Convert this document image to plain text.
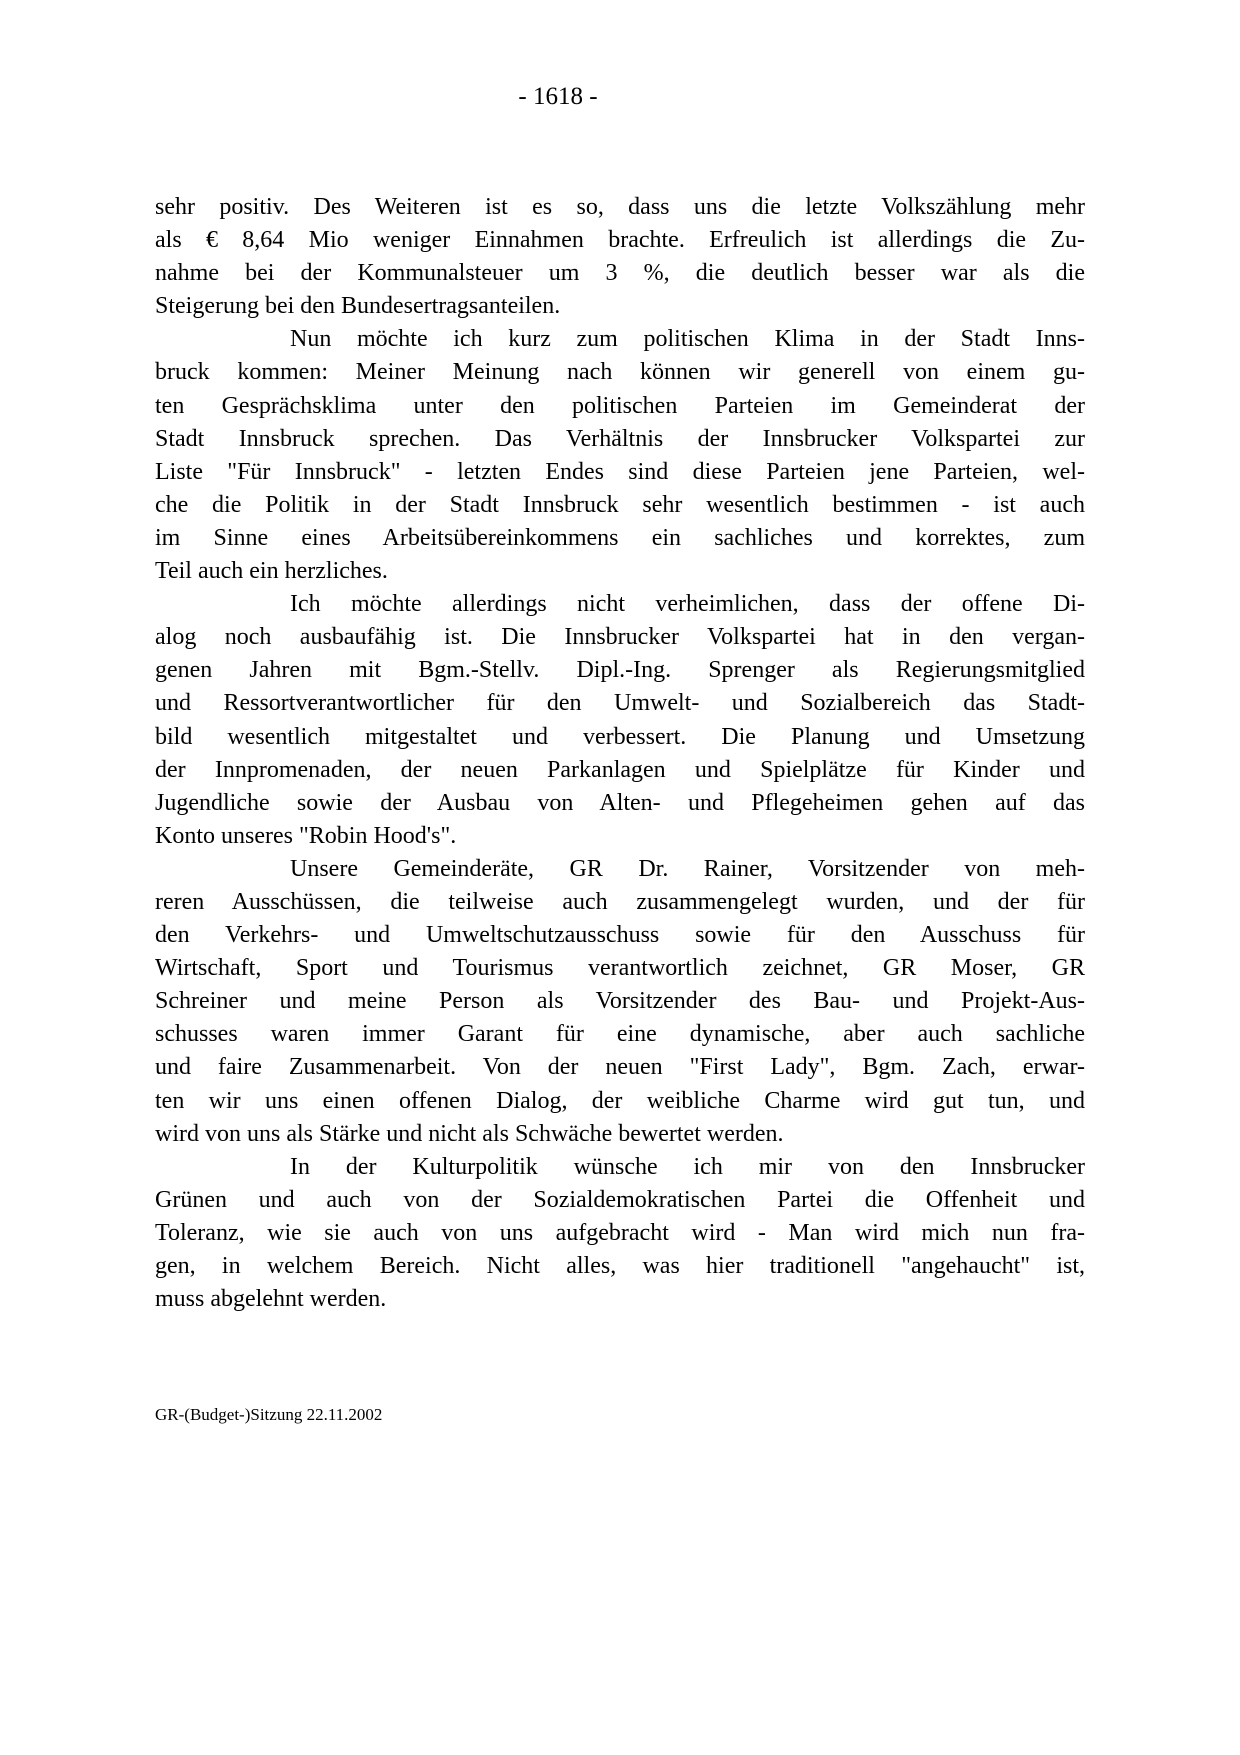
- 1618 -
sehr positiv. Des Weiteren ist es so, dass uns die letzte Volkszählung mehr
als € 8,64 Mio weniger Einnahmen brachte. Erfreulich ist allerdings die Zu-
nahme bei der Kommunalsteuer um 3 %, die deutlich besser war als die
Steigerung bei den Bundesertragsanteilen.
Nun möchte ich kurz zum politischen Klima in der Stadt Inns-
bruck kommen: Meiner Meinung nach können wir generell von einem gu-
ten Gesprächsklima unter den politischen Parteien im Gemeinderat der
Stadt Innsbruck sprechen. Das Verhältnis der Innsbrucker Volkspartei zur
Liste "Für Innsbruck" - letzten Endes sind diese Parteien jene Parteien, wel-
che die Politik in der Stadt Innsbruck sehr wesentlich bestimmen - ist auch
im Sinne eines Arbeitsübereinkommens ein sachliches und korrektes, zum
Teil auch ein herzliches.
Ich möchte allerdings nicht verheimlichen, dass der offene Di-
alog noch ausbaufähig ist. Die Innsbrucker Volkspartei hat in den vergan-
genen Jahren mit Bgm.-Stellv. Dipl.-Ing. Sprenger als Regierungsmitglied
und Ressortverantwortlicher für den Umwelt- und Sozialbereich das Stadt-
bild wesentlich mitgestaltet und verbessert. Die Planung und Umsetzung
der Innpromenaden, der neuen Parkanlagen und Spielplätze für Kinder und
Jugendliche sowie der Ausbau von Alten- und Pflegeheimen gehen auf das
Konto unseres "Robin Hood's".
Unsere Gemeinderäte, GR Dr. Rainer, Vorsitzender von meh-
reren Ausschüssen, die teilweise auch zusammengelegt wurden, und der für
den Verkehrs- und Umweltschutzausschuss sowie für den Ausschuss für
Wirtschaft, Sport und Tourismus verantwortlich zeichnet, GR Moser, GR
Schreiner und meine Person als Vorsitzender des Bau- und Projekt-Aus-
schusses waren immer Garant für eine dynamische, aber auch sachliche
und faire Zusammenarbeit. Von der neuen "First Lady", Bgm. Zach, erwar-
ten wir uns einen offenen Dialog, der weibliche Charme wird gut tun, und
wird von uns als Stärke und nicht als Schwäche bewertet werden.
In der Kulturpolitik wünsche ich mir von den Innsbrucker
Grünen und auch von der Sozialdemokratischen Partei die Offenheit und
Toleranz, wie sie auch von uns aufgebracht wird - Man wird mich nun fra-
gen, in welchem Bereich. Nicht alles, was hier traditionell "angehaucht" ist,
muss abgelehnt werden.
GR-(Budget-)Sitzung 22.11.2002
